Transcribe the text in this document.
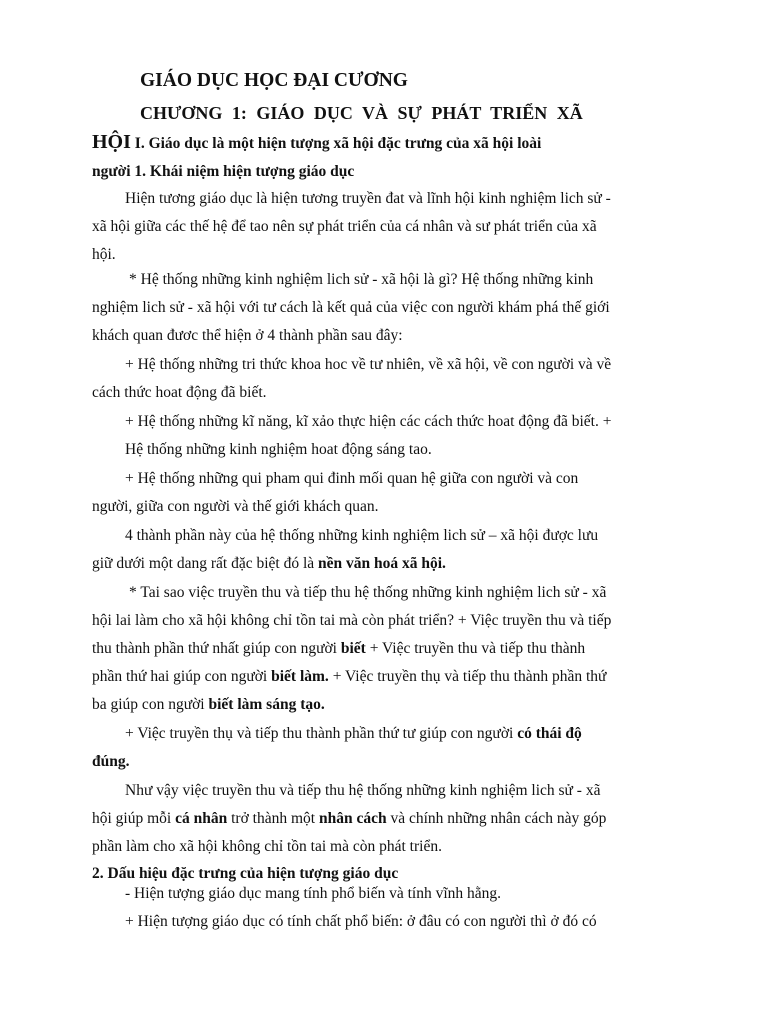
GIÁO DỤC HỌC ĐẠI CƯƠNG
CHƯƠNG 1: GIÁO DỤC VÀ SỰ PHÁT TRIỂN XÃ
HỘI I. Giáo dục là một hiện tượng xã hội đặc trưng của xã hội loài
người 1. Khái niệm hiện tượng giáo dục
Hiện tương giáo dục là hiện tương truyền đat và lĩnh hội kinh nghiệm lich sử -
xã hội giữa các thế hệ để tao nên sự phát triển của cá nhân và sư phát triển của xã
hội.
* Hệ thống những kinh nghiệm lich sử - xã hội là gì? Hệ thống những kinh
nghiệm lich sử - xã hội với tư cách là kết quả của việc con người khám phá thế giới
khách quan đươc thể hiện ở 4 thành phần sau đây:
+ Hệ thống những tri thức khoa hoc về tư nhiên, về xã hội, về con người và về
cách thức hoat động đã biết.
+ Hệ thống những kĩ năng, kĩ xảo thực hiện các cách thức hoat động đã biết. +
Hệ thống những kinh nghiệm hoat động sáng tao.
+ Hệ thống những qui pham qui đinh mối quan hệ giữa con người và con
người, giữa con người và thế giới khách quan.
4 thành phần này của hệ thống những kinh nghiệm lich sử – xã hội được lưu
giữ dưới một dang rất đặc biệt đó là nền văn hoá xã hội.
* Tai sao việc truyền thu và tiếp thu hệ thống những kinh nghiệm lich sử - xã
hội lai làm cho xã hội không chỉ tồn tai mà còn phát triển? + Việc truyền thu và tiếp
thu thành phần thứ nhất giúp con người biết + Việc truyền thu và tiếp thu thành
phần thứ hai giúp con người biết làm. + Việc truyền thụ và tiếp thu thành phần thứ
ba giúp con người biết làm sáng tạo.
+ Việc truyền thụ và tiếp thu thành phần thứ tư giúp con người có thái độ
đúng.
Như vậy việc truyền thu và tiếp thu hệ thống những kinh nghiệm lich sử - xã
hội giúp mỗi cá nhân trở thành một nhân cách và chính những nhân cách này góp
phần làm cho xã hội không chỉ tồn tai mà còn phát triển.
2. Dấu hiệu đặc trưng của hiện tượng giáo dục
- Hiện tượng giáo dục mang tính phổ biến và tính vĩnh hằng.
+ Hiện tượng giáo dục có tính chất phổ biến: ở đâu có con người thì ở đó có
